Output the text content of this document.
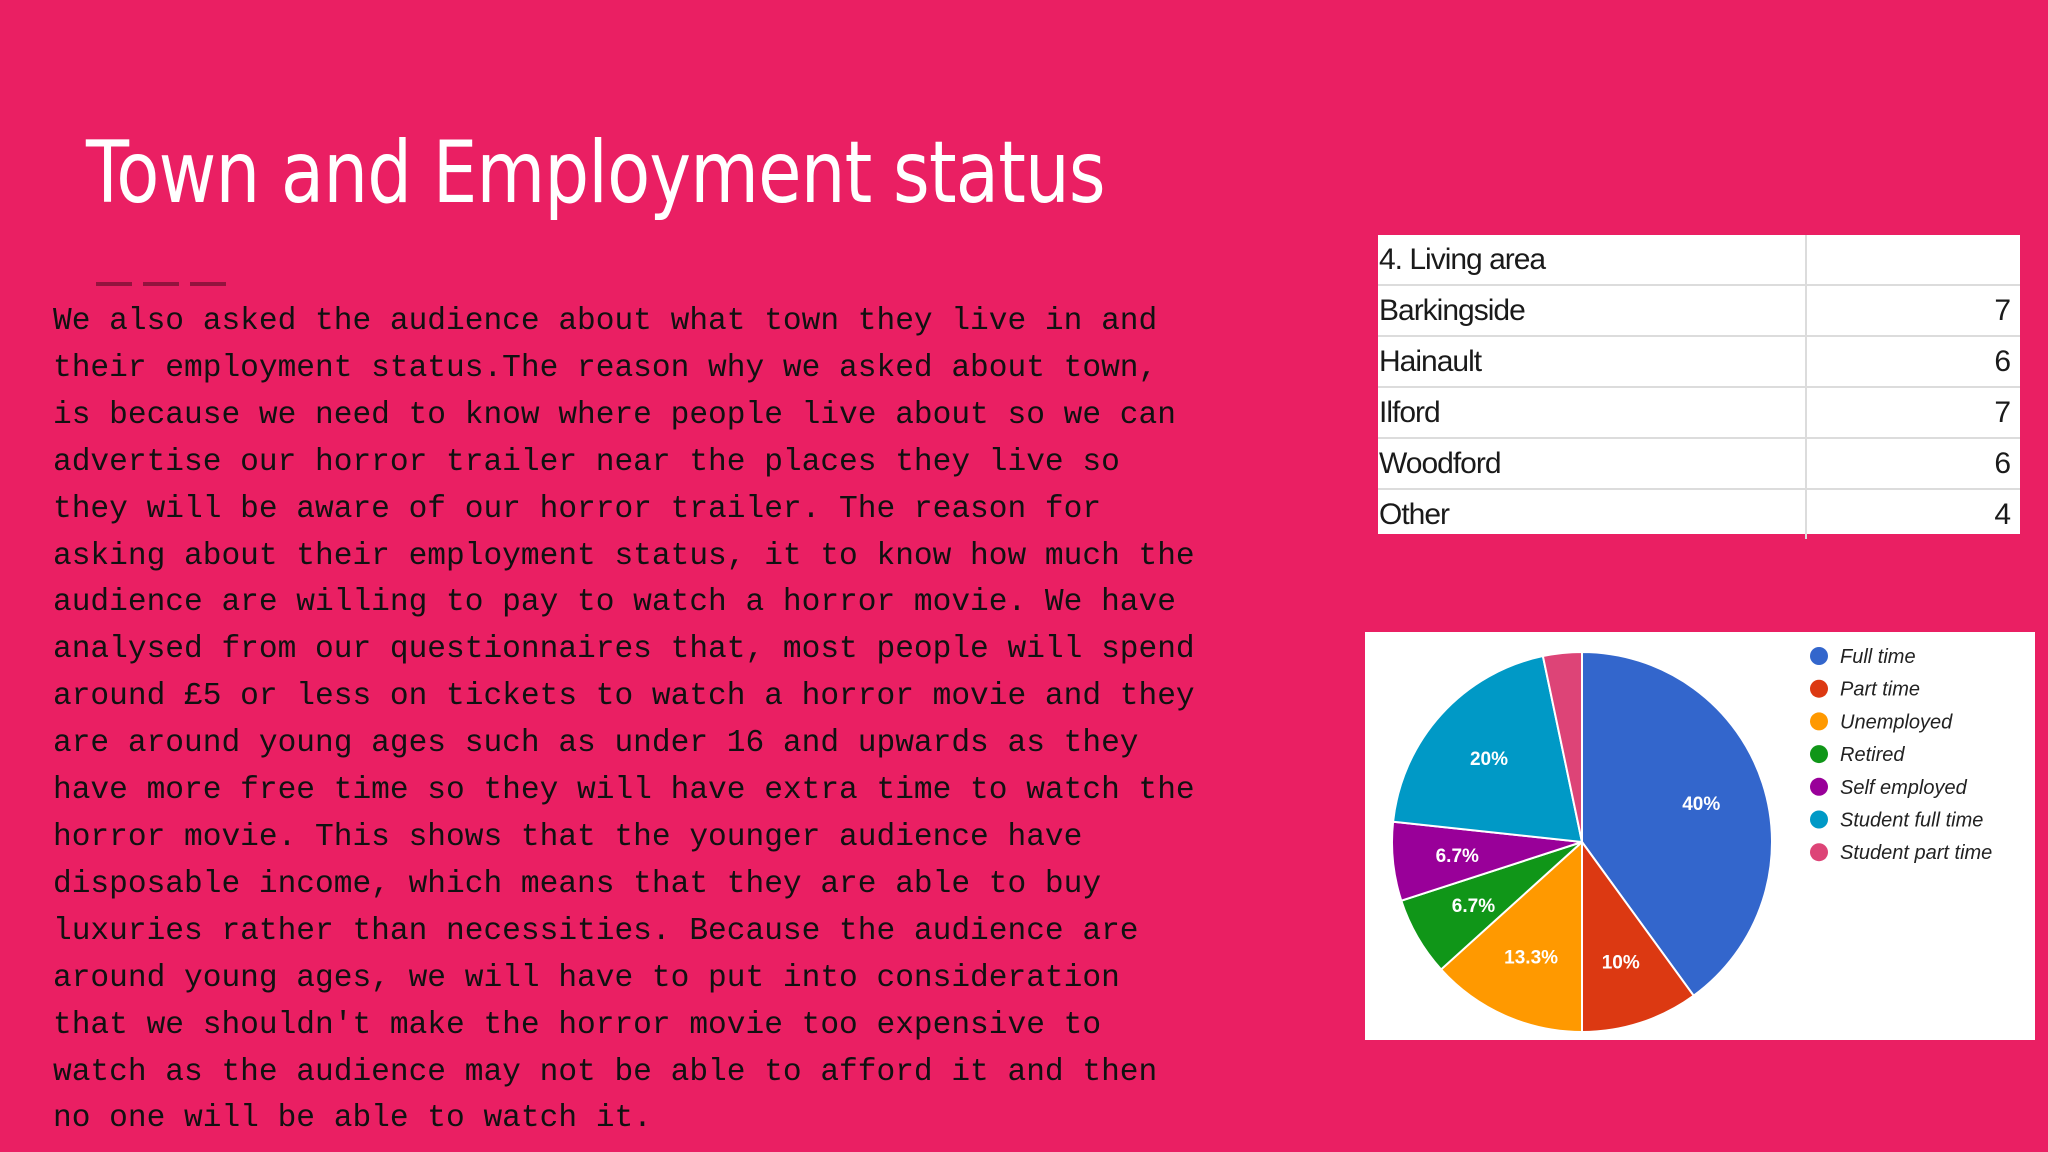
Town and Employment status
We also asked the audience about what town they live in and
their employment status.The reason why we asked about town,
is because we need to know where people live about so we can
advertise our horror trailer near the places they live so
they will be aware of our horror trailer. The reason for
asking about their employment status, it to know how much the
audience are willing to pay to watch a horror movie. We have
analysed from our questionnaires that, most people will spend
around £5 or less on tickets to watch a horror movie and they
are around young ages such as under 16 and upwards as they
have more free time so they will have extra time to watch the
horror movie. This shows that the younger audience have
disposable income, which means that they are able to buy
luxuries rather than necessities. Because the audience are
around young ages, we will have to put into consideration
that we shouldn't make the horror movie too expensive to
watch as the audience may not be able to afford it and then
no one will be able to watch it.
4. Living area	
Barkingside	7
Hainault	6
Ilford	7
Woodford	6
Other	4
40%
10%
13.3%
6.7%
6.7%
20%
Full time
Part time
Unemployed
Retired
Self employed
Student full time
Student part time
